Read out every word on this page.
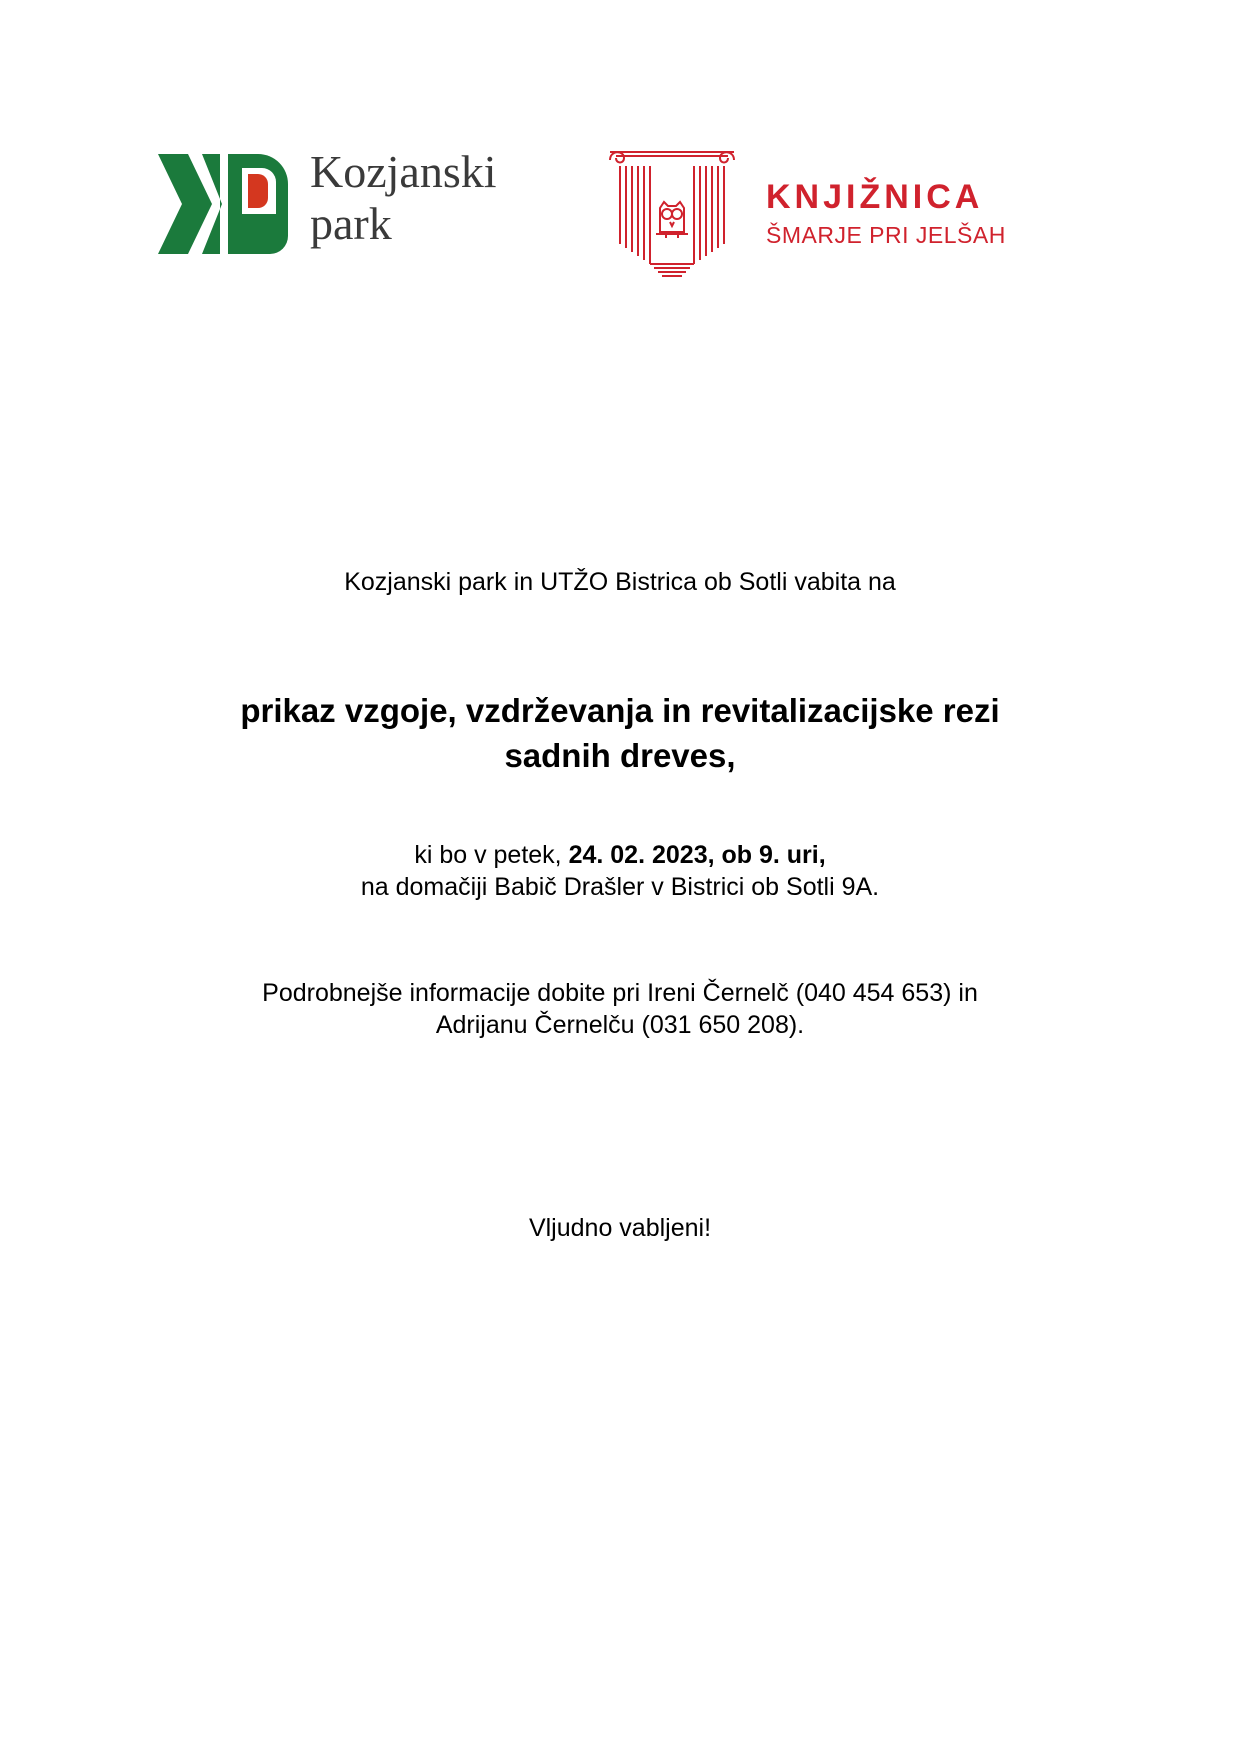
Kozjanski
park
KNJIŽNICA
ŠMARJE PRI JELŠAH
Kozjanski park in UTŽO Bistrica ob Sotli vabita na
prikaz vzgoje, vzdrževanja in revitalizacijske rezi
sadnih dreves,
ki bo v petek, 24. 02. 2023, ob 9. uri,
na domačiji Babič Drašler v Bistrici ob Sotli 9A.
Podrobnejše informacije dobite pri Ireni Černelč (040 454 653) in
Adrijanu Černelču (031 650 208).
Vljudno vabljeni!
